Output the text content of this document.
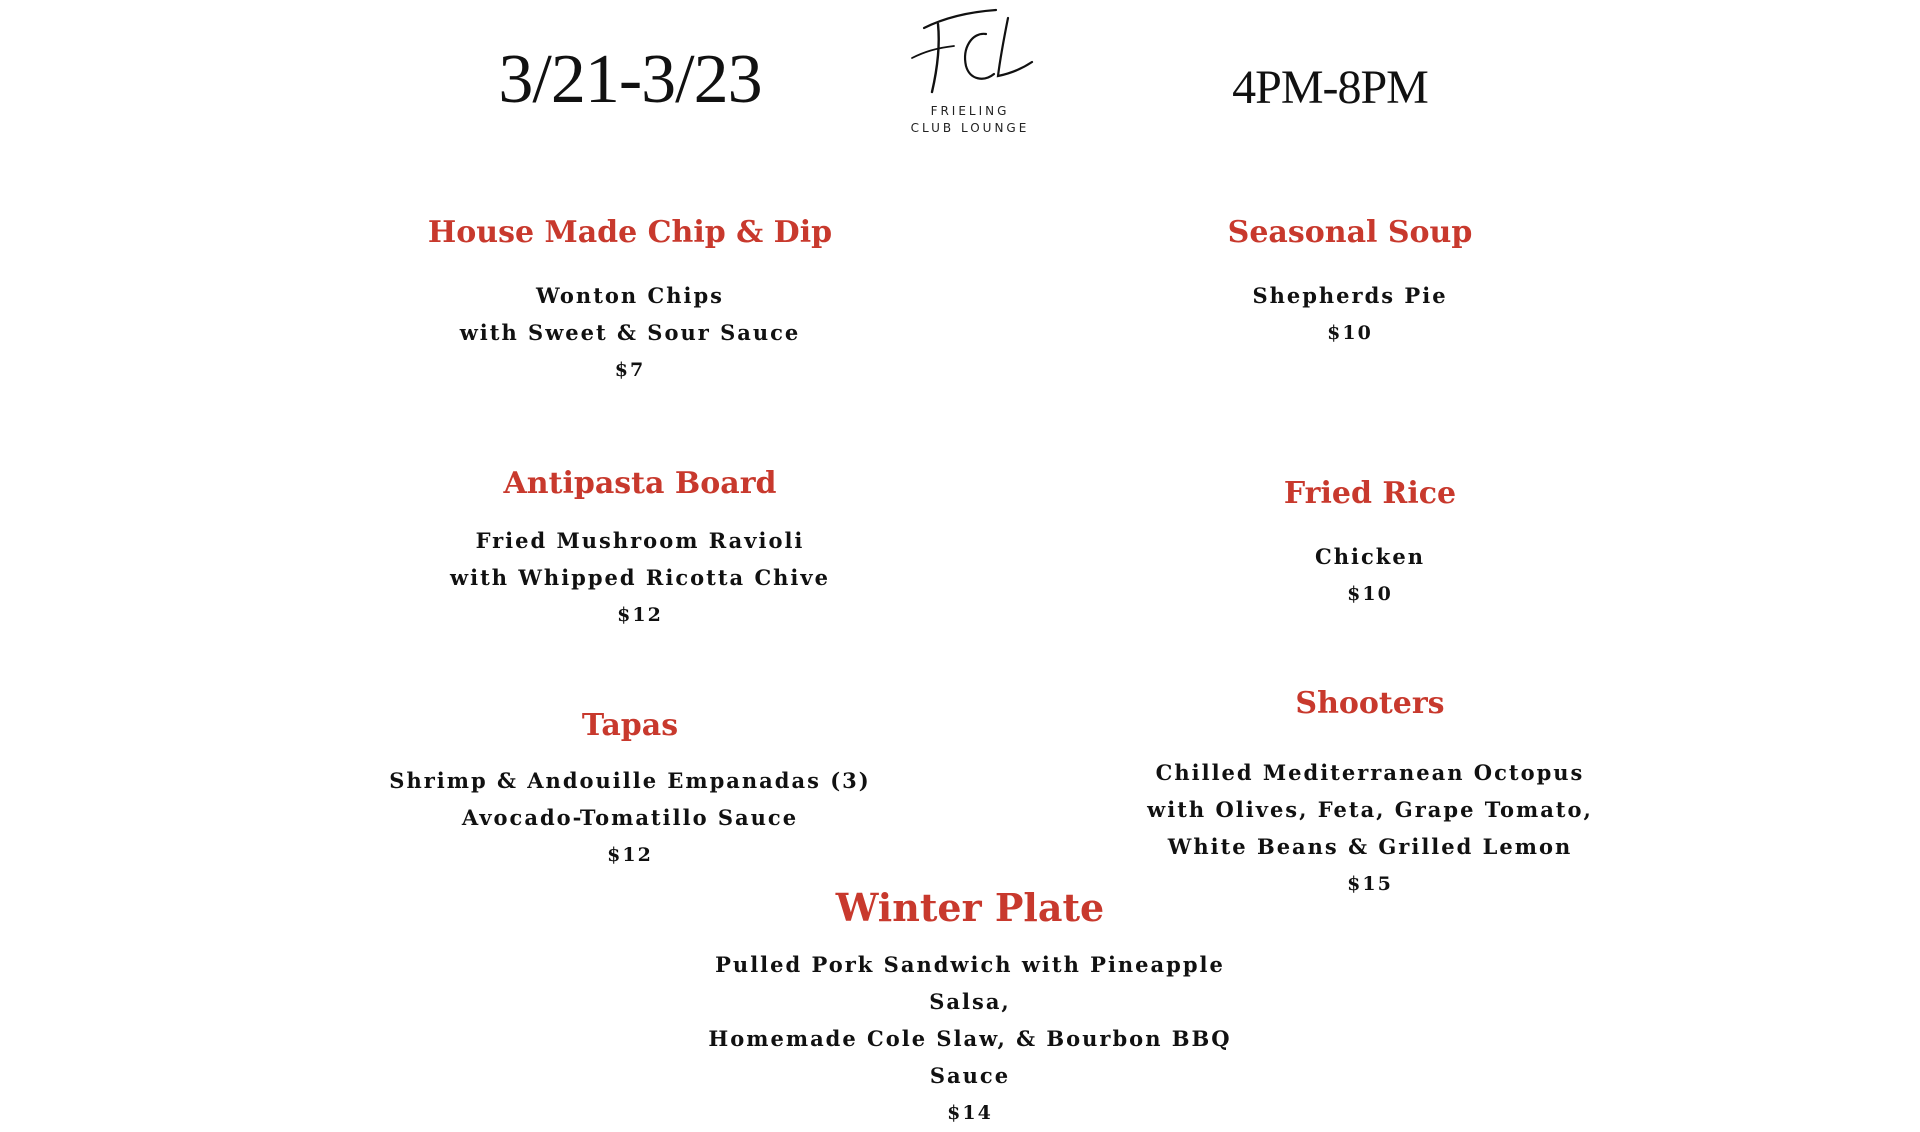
3/21-3/23	FRIELING
CLUB LOUNGE
4PM-8PM
House Made Chip & Dip
Wonton Chips
with Sweet & Sour Sauce
$7
Seasonal Soup
Shepherds Pie
$10
Antipasta Board
Fried Mushroom Ravioli
with Whipped Ricotta Chive
$12
Fried Rice
Chicken
$10
Tapas
Shrimp & Andouille Empanadas (3)
Avocado-Tomatillo Sauce
$12
Shooters
Chilled Mediterranean Octopus
with Olives, Feta, Grape Tomato,
White Beans & Grilled Lemon
$15
Winter Plate
Pulled Pork Sandwich with Pineapple Salsa,
Homemade Cole Slaw, & Bourbon BBQ Sauce
$14
